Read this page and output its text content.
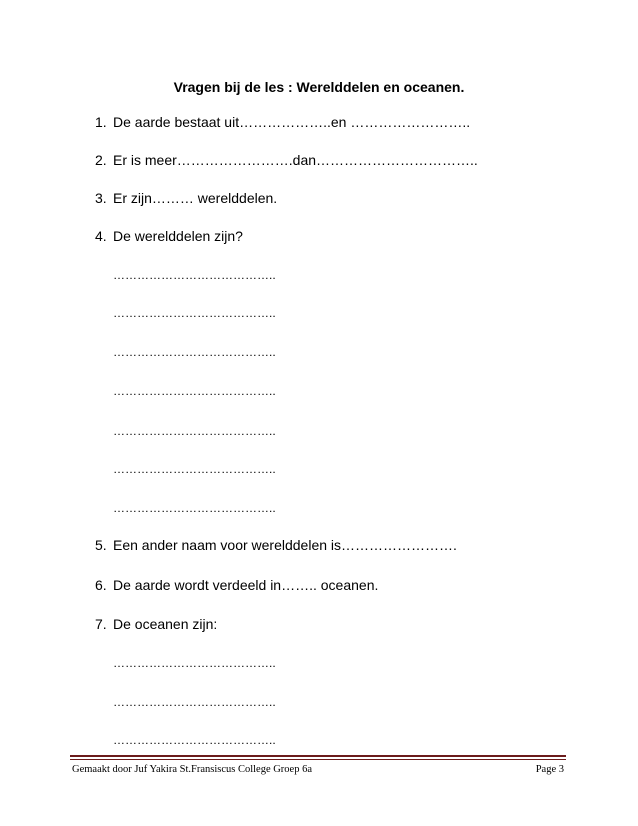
Vragen bij de les : Werelddelen en oceanen.
1. De aarde bestaat uit………………..en ……………………..
2. Er is meer…………………….dan……………………………..
3. Er zijn……… werelddelen.
4. De werelddelen zijn?
…………………………………..
…………………………………..
…………………………………..
…………………………………..
…………………………………..
…………………………………..
…………………………………..
5. Een ander naam voor werelddelen is…………………….
6. De aarde wordt verdeeld in…….. oceanen.
7. De oceanen zijn:
…………………………………..
…………………………………..
…………………………………..
Gemaakt door Juf Yakira St.Fransiscus College Groep 6a	Page 3
